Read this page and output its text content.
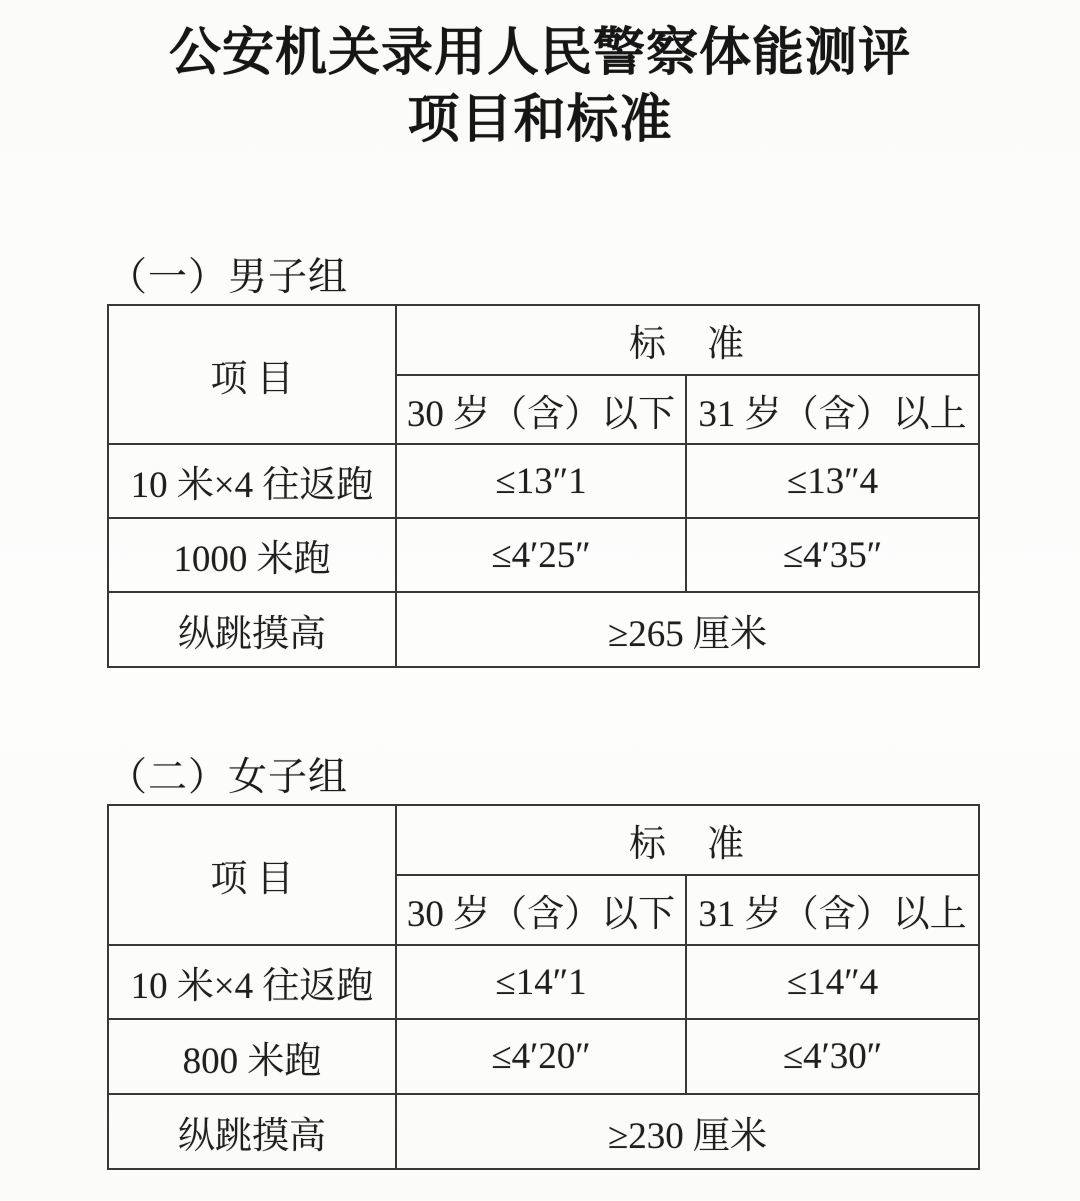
公安机关录用人民警察体能测评
项目和标准
（一）男子组
项 目	标　准	
	30 岁（含）以下	31 岁（含）以上
10 米×4 往返跑	≤13″1	≤13″4
1000 米跑	≤4′25″	≤4′35″
纵跳摸高	≥265 厘米	
（二）女子组
项 目	标　准	
	30 岁（含）以下	31 岁（含）以上
10 米×4 往返跑	≤14″1	≤14″4
800 米跑	≤4′20″	≤4′30″
纵跳摸高	≥230 厘米	
